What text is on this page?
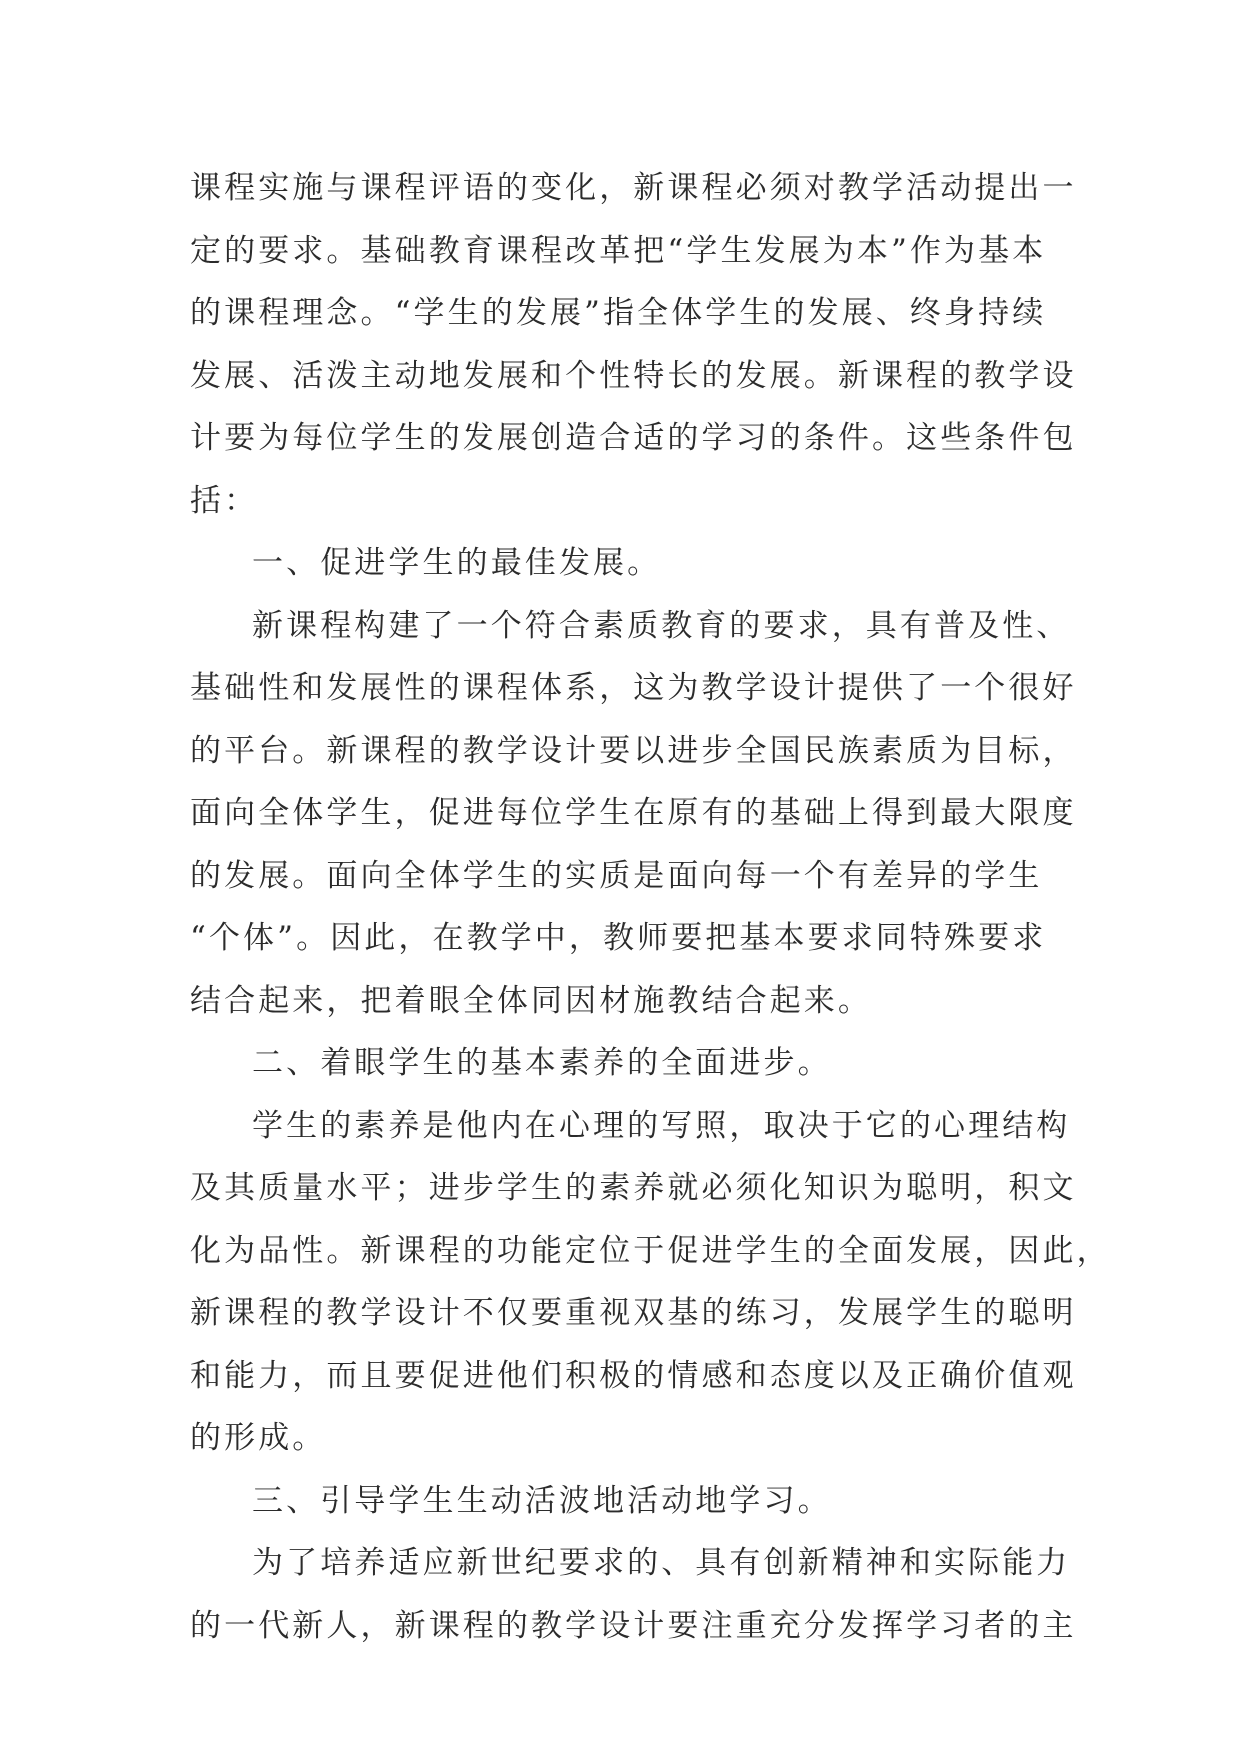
课程实施与课程评语的变化，新课程必须对教学活动提出一
定的要求。基础教育课程改革把“学生发展为本”作为基本
的课程理念。“学生的发展”指全体学生的发展、终身持续
发展、活泼主动地发展和个性特长的发展。新课程的教学设
计要为每位学生的发展创造合适的学习的条件。这些条件包
括：
一、促进学生的最佳发展。
新课程构建了一个符合素质教育的要求，具有普及性、
基础性和发展性的课程体系，这为教学设计提供了一个很好
的平台。新课程的教学设计要以进步全国民族素质为目标，
面向全体学生，促进每位学生在原有的基础上得到最大限度
的发展。面向全体学生的实质是面向每一个有差异的学生
“个体”。因此，在教学中，教师要把基本要求同特殊要求
结合起来，把着眼全体同因材施教结合起来。
二、着眼学生的基本素养的全面进步。
学生的素养是他内在心理的写照，取决于它的心理结构
及其质量水平；进步学生的素养就必须化知识为聪明，积文
化为品性。新课程的功能定位于促进学生的全面发展，因此，
新课程的教学设计不仅要重视双基的练习，发展学生的聪明
和能力，而且要促进他们积极的情感和态度以及正确价值观
的形成。
三、引导学生生动活波地活动地学习。
为了培养适应新世纪要求的、具有创新精神和实际能力
的一代新人，新课程的教学设计要注重充分发挥学习者的主
